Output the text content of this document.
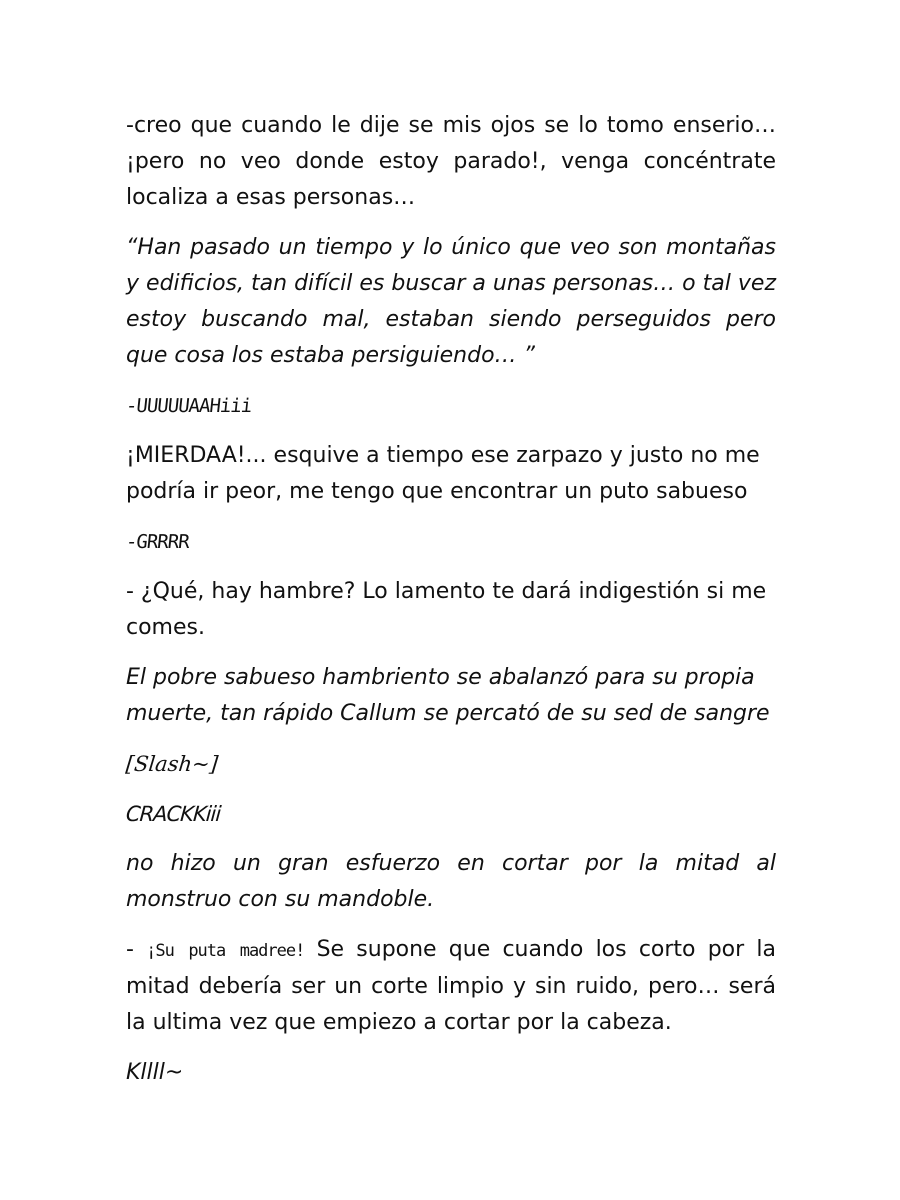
-creo que cuando le dije se mis ojos se lo tomo enserio… ¡pero no veo donde estoy parado!, venga concéntrate localiza a esas personas…

“Han pasado un tiempo y lo único que veo son montañas y edificios, tan difícil es buscar a unas personas… o tal vez estoy buscando mal, estaban siendo perseguidos pero que cosa los estaba persiguiendo… ”

-UUUUUAAHiii

¡MIERDAA!... esquive a tiempo ese zarpazo y justo no me podría ir peor, me tengo que encontrar un puto sabueso

-GRRRR

- ¿Qué, hay hambre? Lo lamento te dará indigestión si me comes.

El pobre sabueso hambriento se abalanzó para su propia muerte, tan rápido Callum se percató de su sed de sangre

[Slash~]
CRACKKiii

no hizo un gran esfuerzo en cortar por la mitad al monstruo con su mandoble.

- ¡Su puta madree! Se supone que cuando los corto por la mitad debería ser un corte limpio y sin ruido, pero… será la ultima vez que empiezo a cortar por la cabeza.

Kllll~
